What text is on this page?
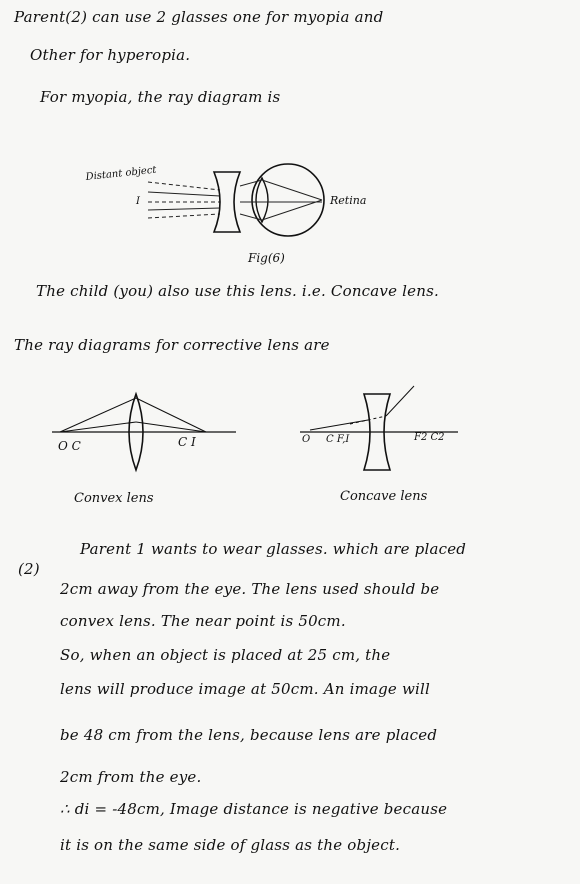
Parent(2) can use 2 glasses one for myopia and
Other for hyperopia.
For myopia, the ray diagram is
Distant object
I	Retina
Fig(6)
The child (you) also use this lens. i.e. Concave lens.
The ray diagrams for corrective lens are
O C	C I
Convex lens
O C F,I	F2 C2
Concave lens
(2)
Parent 1 wants to wear glasses. which are placed
2cm away from the eye. The lens used should be
convex lens. The near point is 50cm.
So, when an object is placed at 25 cm, the
lens will produce image at 50cm. An image will
be 48 cm from the lens, because lens are placed
2cm from the eye.
∴ di = -48cm, Image distance is negative because
it is on the same side of glass as the object.
